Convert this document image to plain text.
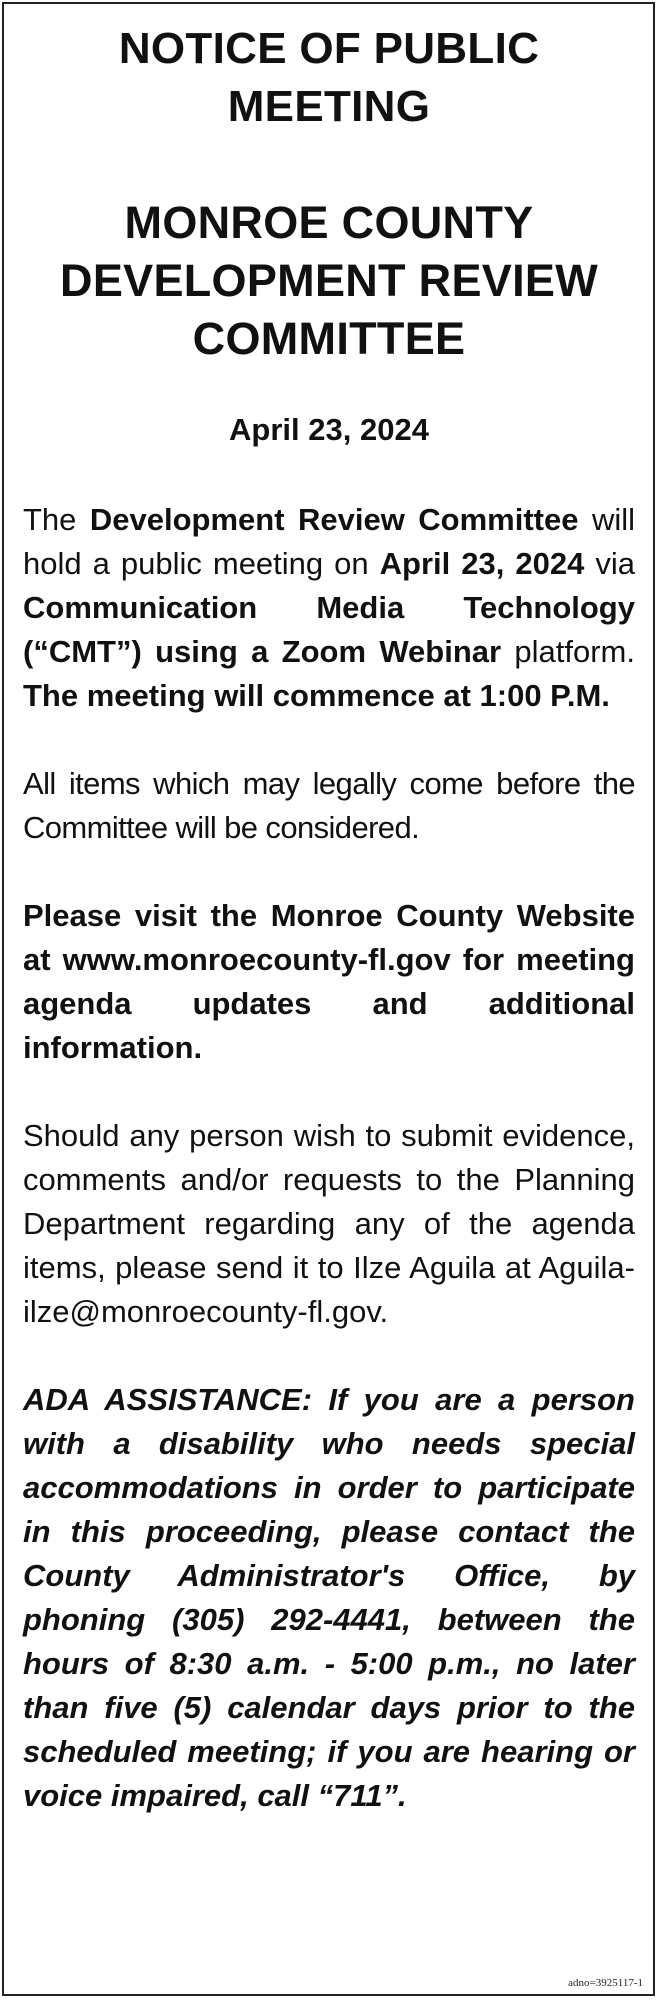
NOTICE OF PUBLIC MEETING
MONROE COUNTY DEVELOPMENT REVIEW COMMITTEE
April 23, 2024

The Development Review Committee will hold a public meeting on April 23, 2024 via Communication Media Technology (“CMT”) using a Zoom Webinar platform. The meeting will commence at 1:00 P.M.

All items which may legally come before the Committee will be considered.

Please visit the Monroe County Website at www.monroecounty-fl.gov for meeting agenda updates and additional information.

Should any person wish to submit evidence, comments and/or requests to the Planning Department regarding any of the agenda items, please send it to Ilze Aguila at Aguila-ilze@monroecounty-fl.gov.

ADA ASSISTANCE: If you are a person with a disability who needs special accommodations in order to participate in this proceeding, please contact the County Administrator's Office, by phoning (305) 292-4441, between the hours of 8:30 a.m. - 5:00 p.m., no later than five (5) calendar days prior to the scheduled meeting; if you are hearing or voice impaired, call “711”.

adno=3925117-1
